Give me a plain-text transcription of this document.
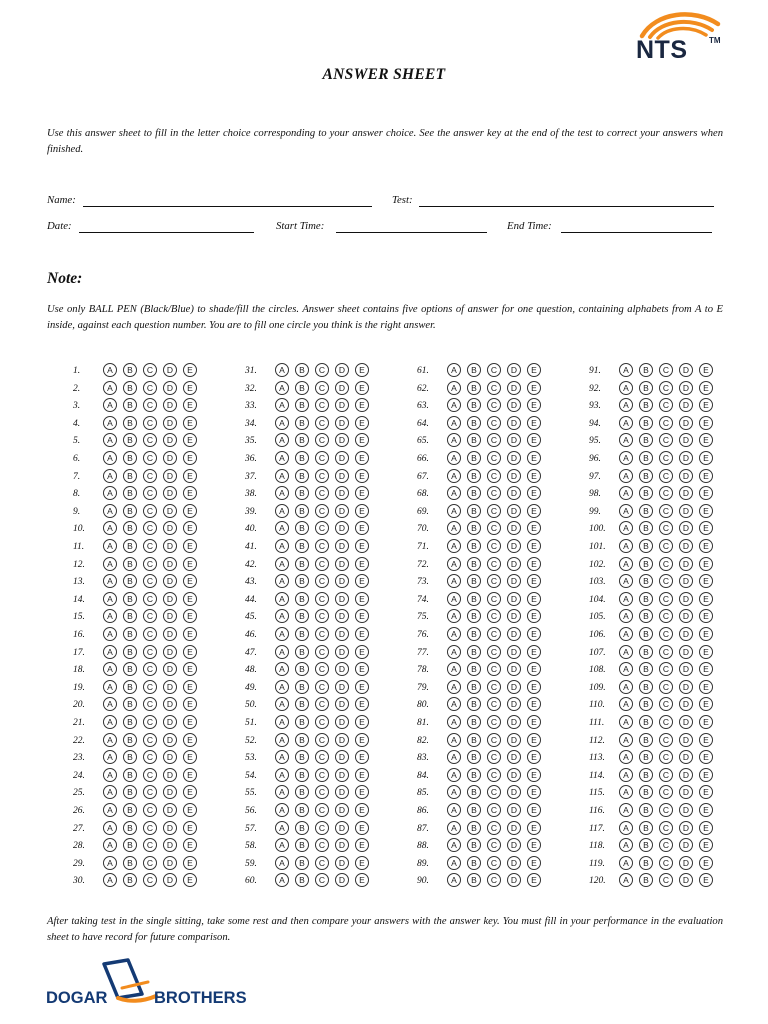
NTS	TM
ANSWER SHEET
Use this answer sheet to fill in the letter choice corresponding to your answer choice. See the answer key at the end of the test to correct your answers when finished.
Name:	Test:
Date:	Start Time:	End Time:
Note:
Use only BALL PEN (Black/Blue) to shade/fill the circles. Answer sheet contains five options of answer for one question, containing alphabets from A to E inside, against each question number. You are to fill one circle you think is the right answer.
1.	A	B	C	D	E
2.	A	B	C	D	E
3.	A	B	C	D	E
4.	A	B	C	D	E
5.	A	B	C	D	E
6.	A	B	C	D	E
7.	A	B	C	D	E
8.	A	B	C	D	E
9.	A	B	C	D	E
10.	A	B	C	D	E
11.	A	B	C	D	E
12.	A	B	C	D	E
13.	A	B	C	D	E
14.	A	B	C	D	E
15.	A	B	C	D	E
16.	A	B	C	D	E
17.	A	B	C	D	E
18.	A	B	C	D	E
19.	A	B	C	D	E
20.	A	B	C	D	E
21.	A	B	C	D	E
22.	A	B	C	D	E
23.	A	B	C	D	E
24.	A	B	C	D	E
25.	A	B	C	D	E
26.	A	B	C	D	E
27.	A	B	C	D	E
28.	A	B	C	D	E
29.	A	B	C	D	E
30.	A	B	C	D	E
31.	A	B	C	D	E
32.	A	B	C	D	E
33.	A	B	C	D	E
34.	A	B	C	D	E
35.	A	B	C	D	E
36.	A	B	C	D	E
37.	A	B	C	D	E
38.	A	B	C	D	E
39.	A	B	C	D	E
40.	A	B	C	D	E
41.	A	B	C	D	E
42.	A	B	C	D	E
43.	A	B	C	D	E
44.	A	B	C	D	E
45.	A	B	C	D	E
46.	A	B	C	D	E
47.	A	B	C	D	E
48.	A	B	C	D	E
49.	A	B	C	D	E
50.	A	B	C	D	E
51.	A	B	C	D	E
52.	A	B	C	D	E
53.	A	B	C	D	E
54.	A	B	C	D	E
55.	A	B	C	D	E
56.	A	B	C	D	E
57.	A	B	C	D	E
58.	A	B	C	D	E
59.	A	B	C	D	E
60.	A	B	C	D	E
61.	A	B	C	D	E
62.	A	B	C	D	E
63.	A	B	C	D	E
64.	A	B	C	D	E
65.	A	B	C	D	E
66.	A	B	C	D	E
67.	A	B	C	D	E
68.	A	B	C	D	E
69.	A	B	C	D	E
70.	A	B	C	D	E
71.	A	B	C	D	E
72.	A	B	C	D	E
73.	A	B	C	D	E
74.	A	B	C	D	E
75.	A	B	C	D	E
76.	A	B	C	D	E
77.	A	B	C	D	E
78.	A	B	C	D	E
79.	A	B	C	D	E
80.	A	B	C	D	E
81.	A	B	C	D	E
82.	A	B	C	D	E
83.	A	B	C	D	E
84.	A	B	C	D	E
85.	A	B	C	D	E
86.	A	B	C	D	E
87.	A	B	C	D	E
88.	A	B	C	D	E
89.	A	B	C	D	E
90.	A	B	C	D	E
91.	A	B	C	D	E
92.	A	B	C	D	E
93.	A	B	C	D	E
94.	A	B	C	D	E
95.	A	B	C	D	E
96.	A	B	C	D	E
97.	A	B	C	D	E
98.	A	B	C	D	E
99.	A	B	C	D	E
100.	A	B	C	D	E
101.	A	B	C	D	E
102.	A	B	C	D	E
103.	A	B	C	D	E
104.	A	B	C	D	E
105.	A	B	C	D	E
106.	A	B	C	D	E
107.	A	B	C	D	E
108.	A	B	C	D	E
109.	A	B	C	D	E
110.	A	B	C	D	E
111.	A	B	C	D	E
112.	A	B	C	D	E
113.	A	B	C	D	E
114.	A	B	C	D	E
115.	A	B	C	D	E
116.	A	B	C	D	E
117.	A	B	C	D	E
118.	A	B	C	D	E
119.	A	B	C	D	E
120.	A	B	C	D	E
After taking test in the single sitting, take some rest and then compare your answers with the answer key. You must fill in your performance in the evaluation sheet to have record for future comparison.
DOGAR	BROTHERS
